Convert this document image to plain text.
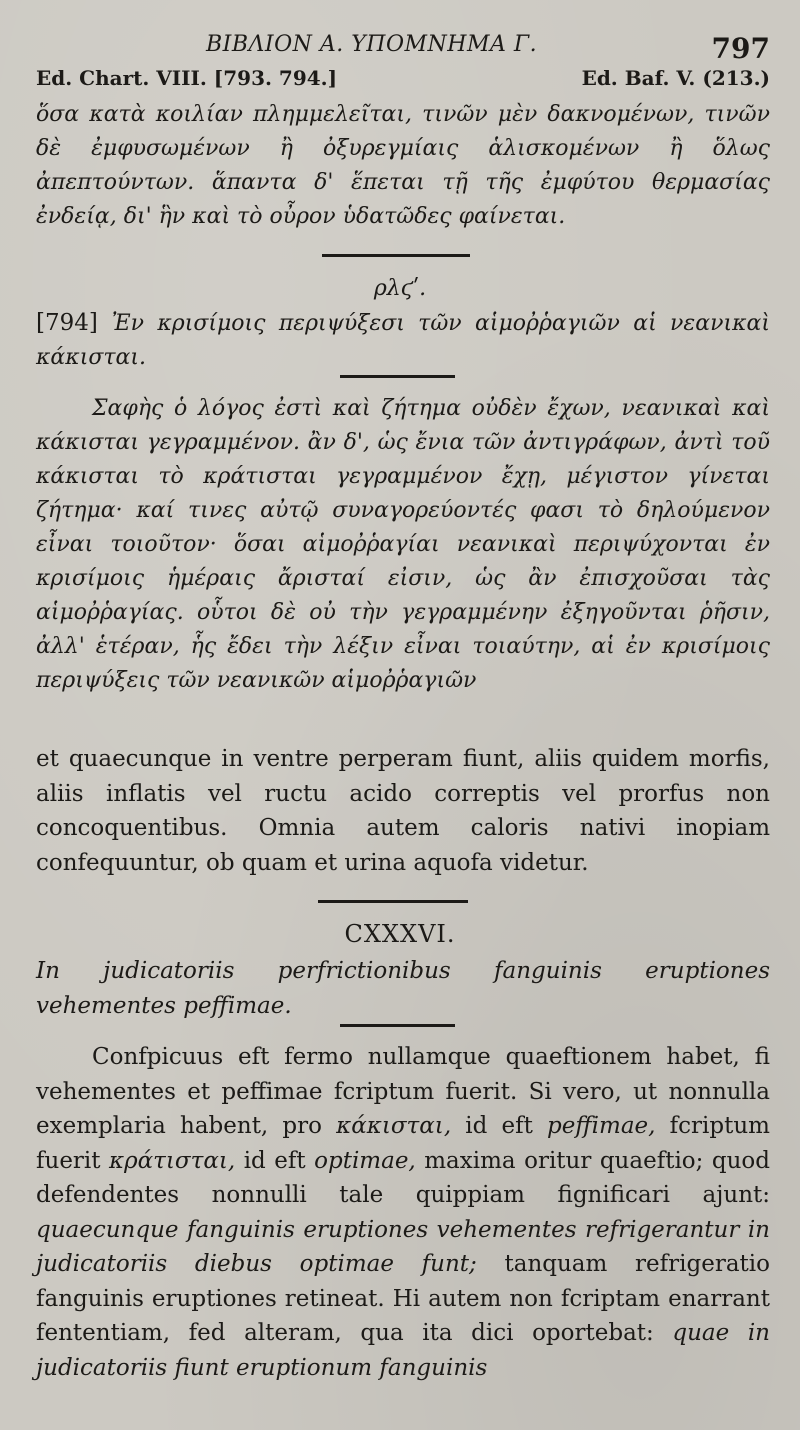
ΒΙΒΛΙΟΝ Α. ΥΠΟΜΝΗΜΑ Γ.	797
Ed. Chart. VIII. [793. 794.]	Ed. Baf. V. (213.)
ὅσα κατὰ κοιλίαν πλημμελεῖται, τινῶν μὲν δακνομένων, τινῶν δὲ ἐμφυσωμένων ἢ ὀξυρεγμίαις ἁλισκομένων ἢ ὅλως ἀπεπτούντων. ἅπαντα δ' ἕπεται τῇ τῆς ἐμφύτου θερμασίας ἐνδείᾳ, δι' ἣν καὶ τὸ οὖρον ὑδατῶδες φαίνεται.
ρλϛʹ.
[794] Ἐν κρισίμοις περιψύξεσι τῶν αἱμοῤῥαγιῶν αἱ νεανικαὶ κάκισται.
Σαφὴς ὁ λόγος ἐστὶ καὶ ζήτημα οὐδὲν ἔχων, νεανικαὶ καὶ κάκισται γεγραμμένον. ἂν δ', ὡς ἔνια τῶν ἀντιγράφων, ἀντὶ τοῦ κάκισται τὸ κράτισται γεγραμμένον ἔχῃ, μέγιστον γίνεται ζήτημα· καί τινες αὐτῷ συναγορεύοντές φασι τὸ δηλούμενον εἶναι τοιοῦτον· ὅσαι αἱμοῤῥαγίαι νεανικαὶ περιψύχονται ἐν κρισίμοις ἡμέραις ἄρισταί εἰσιν, ὡς ἂν ἐπισχοῦσαι τὰς αἱμοῤῥαγίας. οὗτοι δὲ οὐ τὴν γεγραμμένην ἐξηγοῦνται ῥῆσιν, ἀλλ' ἑτέραν, ἧς ἔδει τὴν λέξιν εἶναι τοιαύτην, αἱ ἐν κρισίμοις περιψύξεις τῶν νεανικῶν αἱμοῤῥαγιῶν
et quaecunque in ventre perperam fiunt, aliis quidem morfis, aliis inflatis vel ructu acido correptis vel prorfus non concoquentibus. Omnia autem caloris nativi inopiam confequuntur, ob quam et urina aquofa videtur.
CXXXVI.
In judicatoriis perfrictionibus fanguinis eruptiones vehementes peffimae.
Confpicuus eft fermo nullamque quaeftionem habet, fi vehementes et peffimae fcriptum fuerit. Si vero, ut nonnulla exemplaria habent, pro κάκισται, id eft peffimae, fcriptum fuerit κράτισται, id eft optimae, maxima oritur quaeftio; quod defendentes nonnulli tale quippiam fignificari ajunt: quaecunque fanguinis eruptiones vehementes refrigerantur in judicatoriis diebus optimae funt; tanquam refrigeratio fanguinis eruptiones retineat. Hi autem non fcriptam enarrant fententiam, fed alteram, qua ita dici oportebat: quae in judicatoriis fiunt eruptionum fanguinis
